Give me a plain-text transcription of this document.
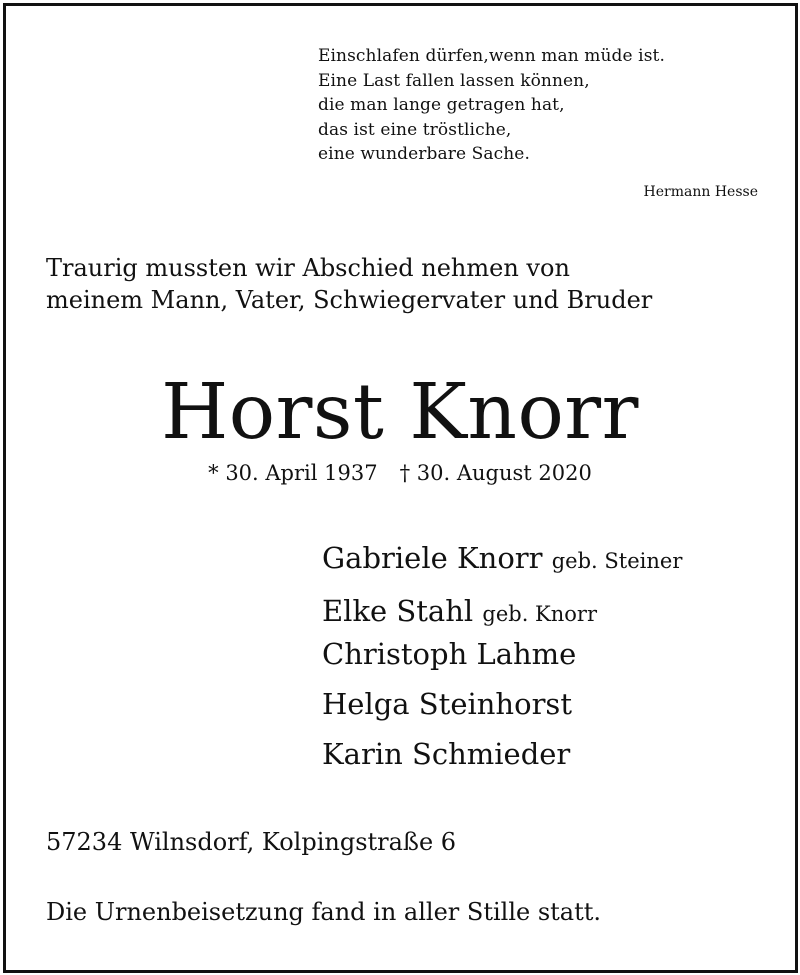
Einschlafen dürfen,wenn man müde ist.
Eine Last fallen lassen können,
die man lange getragen hat,
das ist eine tröstliche,
eine wunderbare Sache.
Hermann Hesse
Traurig mussten wir Abschied nehmen von
meinem Mann, Vater, Schwiegervater und Bruder
Horst Knorr
* 30. April 1937 † 30. August 2020
Gabriele Knorr geb. Steiner
Elke Stahl geb. Knorr
Christoph Lahme
Helga Steinhorst
Karin Schmieder
57234 Wilnsdorf, Kolpingstraße 6
Die Urnenbeisetzung fand in aller Stille statt.
